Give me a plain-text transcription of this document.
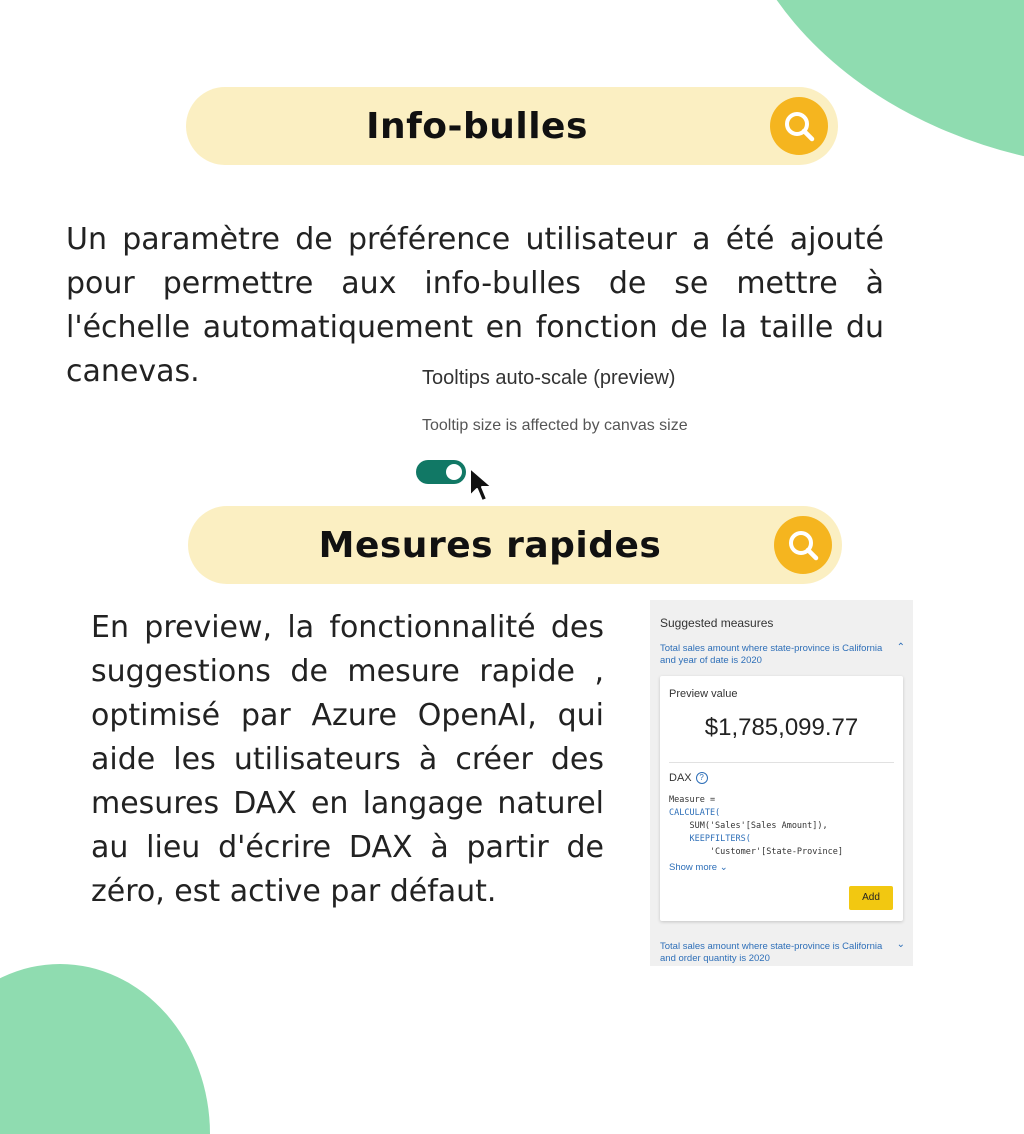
Info-bulles

Un paramètre de préférence utilisateur a été ajouté pour permettre aux info-bulles de se mettre à l'échelle automatiquement en fonction de la taille du canevas.	Tooltips auto-scale (preview)
Tooltip size is affected by canvas size
Mesures rapides

En preview, la fonctionnalité des suggestions de mesure rapide , optimisé par Azure OpenAI, qui aide les utilisateurs à créer des mesures DAX en langage naturel au lieu d'écrire DAX à partir de zéro, est active par défaut.

Suggested measures
Total sales amount where state-province is California and year of date is 2020
⌃
Preview value
$1,785,099.77
DAX ?
Measure =
CALCULATE(
SUM('Sales'[Sales Amount]),
KEEPFILTERS(
'Customer'[State-Province]
Show more ⌄
Add
Total sales amount where state-province is California and order quantity is 2020
⌄
